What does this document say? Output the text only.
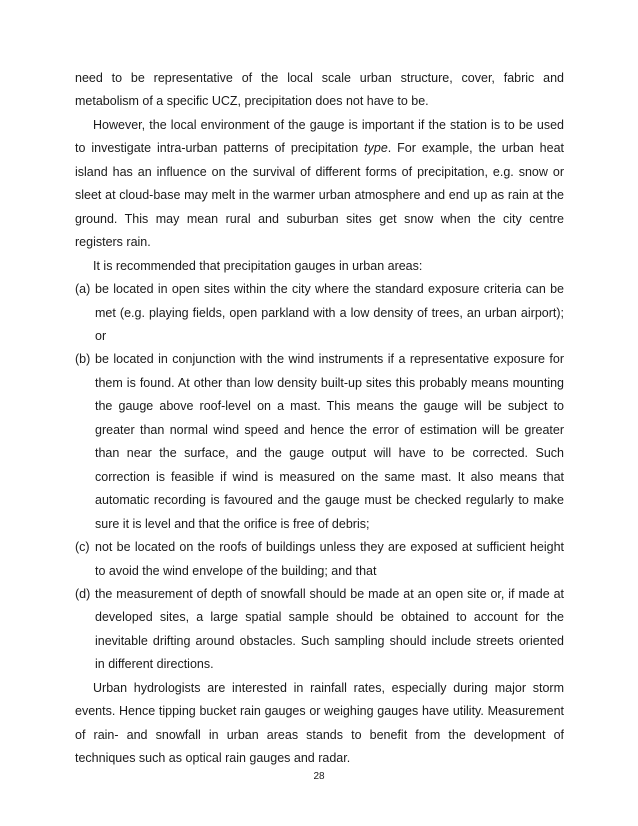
need to be representative of the local scale urban structure, cover, fabric and
metabolism of a specific UCZ, precipitation does not have to be.

However, the local environment of the gauge is important if the station is to be used
to investigate intra-urban patterns of precipitation type. For example, the urban heat
island has an influence on the survival of different forms of precipitation, e.g. snow or
sleet at cloud-base may melt in the warmer urban atmosphere and end up as rain at the
ground. This may mean rural and suburban sites get snow when the city centre
registers rain.

It is recommended that precipitation gauges in urban areas:

(a) be located in open sites within the city where the standard exposure criteria can be
met (e.g. playing fields, open parkland with a low density of trees, an urban airport);
or
(b) be located in conjunction with the wind instruments if a representative exposure for
them is found. At other than low density built-up sites this probably means mounting
the gauge above roof-level on a mast. This means the gauge will be subject to
greater than normal wind speed and hence the error of estimation will be greater
than near the surface, and the gauge output will have to be corrected. Such
correction is feasible if wind is measured on the same mast. It also means that
automatic recording is favoured and the gauge must be checked regularly to make
sure it is level and that the orifice is free of debris;
(c) not be located on the roofs of buildings unless they are exposed at sufficient height
to avoid the wind envelope of the building; and that
(d) the measurement of depth of snowfall should be made at an open site or, if made at
developed sites, a large spatial sample should be obtained to account for the
inevitable drifting around obstacles. Such sampling should include streets oriented
in different directions.

Urban hydrologists are interested in rainfall rates, especially during major storm
events. Hence tipping bucket rain gauges or weighing gauges have utility. Measurement
of rain- and snowfall in urban areas stands to benefit from the development of
techniques such as optical rain gauges and radar.

28
